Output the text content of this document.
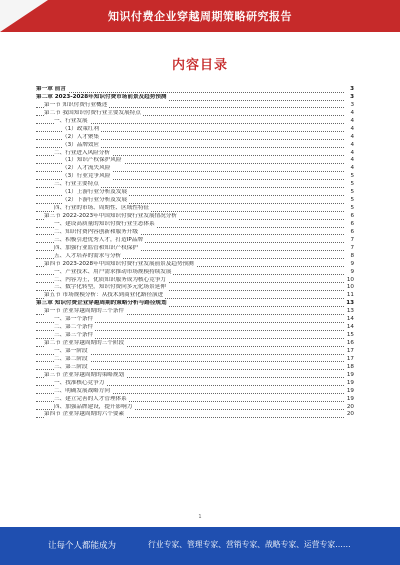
知识付费企业穿越周期策略研究报告
内容目录
第一章 前言	3
第二章 2023-2028年知识付费市场前景及趋势预测	3
第一节 知识付费行业概述	3
第二节 我国知识付费行业主要发展特点	4
一、行业发展	4
（1）政策红利	4
（2）人才聚集	4
（3）品牌效应	4
二、行业进入风险分析	4
（1）知识产权保护风险	4
（2）人才流失风险	4
（3）行业竞争风险	5
三、行业主要特点	5
（1）上游行业分析及发展	5
（2）下游行业分析及发展	5
四、行业的市场、周期性、区域性特征	5
第三节 2022-2023年中国知识付费行业发展情况分析	6
一、建设高质量的知识付费行业生态体系	6
二、知识付费内容创新和服务升级	6
三、积极引进优秀人才，打造IP品牌	7
四、加强行业监管和知识产权保护	7
五、人才培养的需求与分析	8
第四节 2023-2028年中国知识付费行业发展前景及趋势预测	9
一、产业技术、用户需求推动市场规模持续发展	9
二、内容为王，优质知识服务成为核心竞争力	10
三、数字化转型，知识付费向多元化场景延伸	10
第五节 市场规模分析：从技术到商业化路径演进	11
第三章 知识付费企业穿越周期的策略分析与路径规划	13
第一节 企业穿越周期的三个条件	13
一、第一个条件	14
二、第二个条件	14
三、第三个条件	15
第二节 企业穿越周期的三个阶段	16
一、第一阶段	17
二、第二阶段	17
三、第三阶段	18
第三节 企业穿越周期的策略规划	19
一、找准核心竞争力	19
二、明确发展战略方向	19
三、建立完善的人才管理体系	19
四、加强品牌建设，提升影响力	20
第四节 企业穿越周期的六个要素	20
1
让每个人都能成为	行业专家、管理专家、营销专家、战略专家、运营专家……
